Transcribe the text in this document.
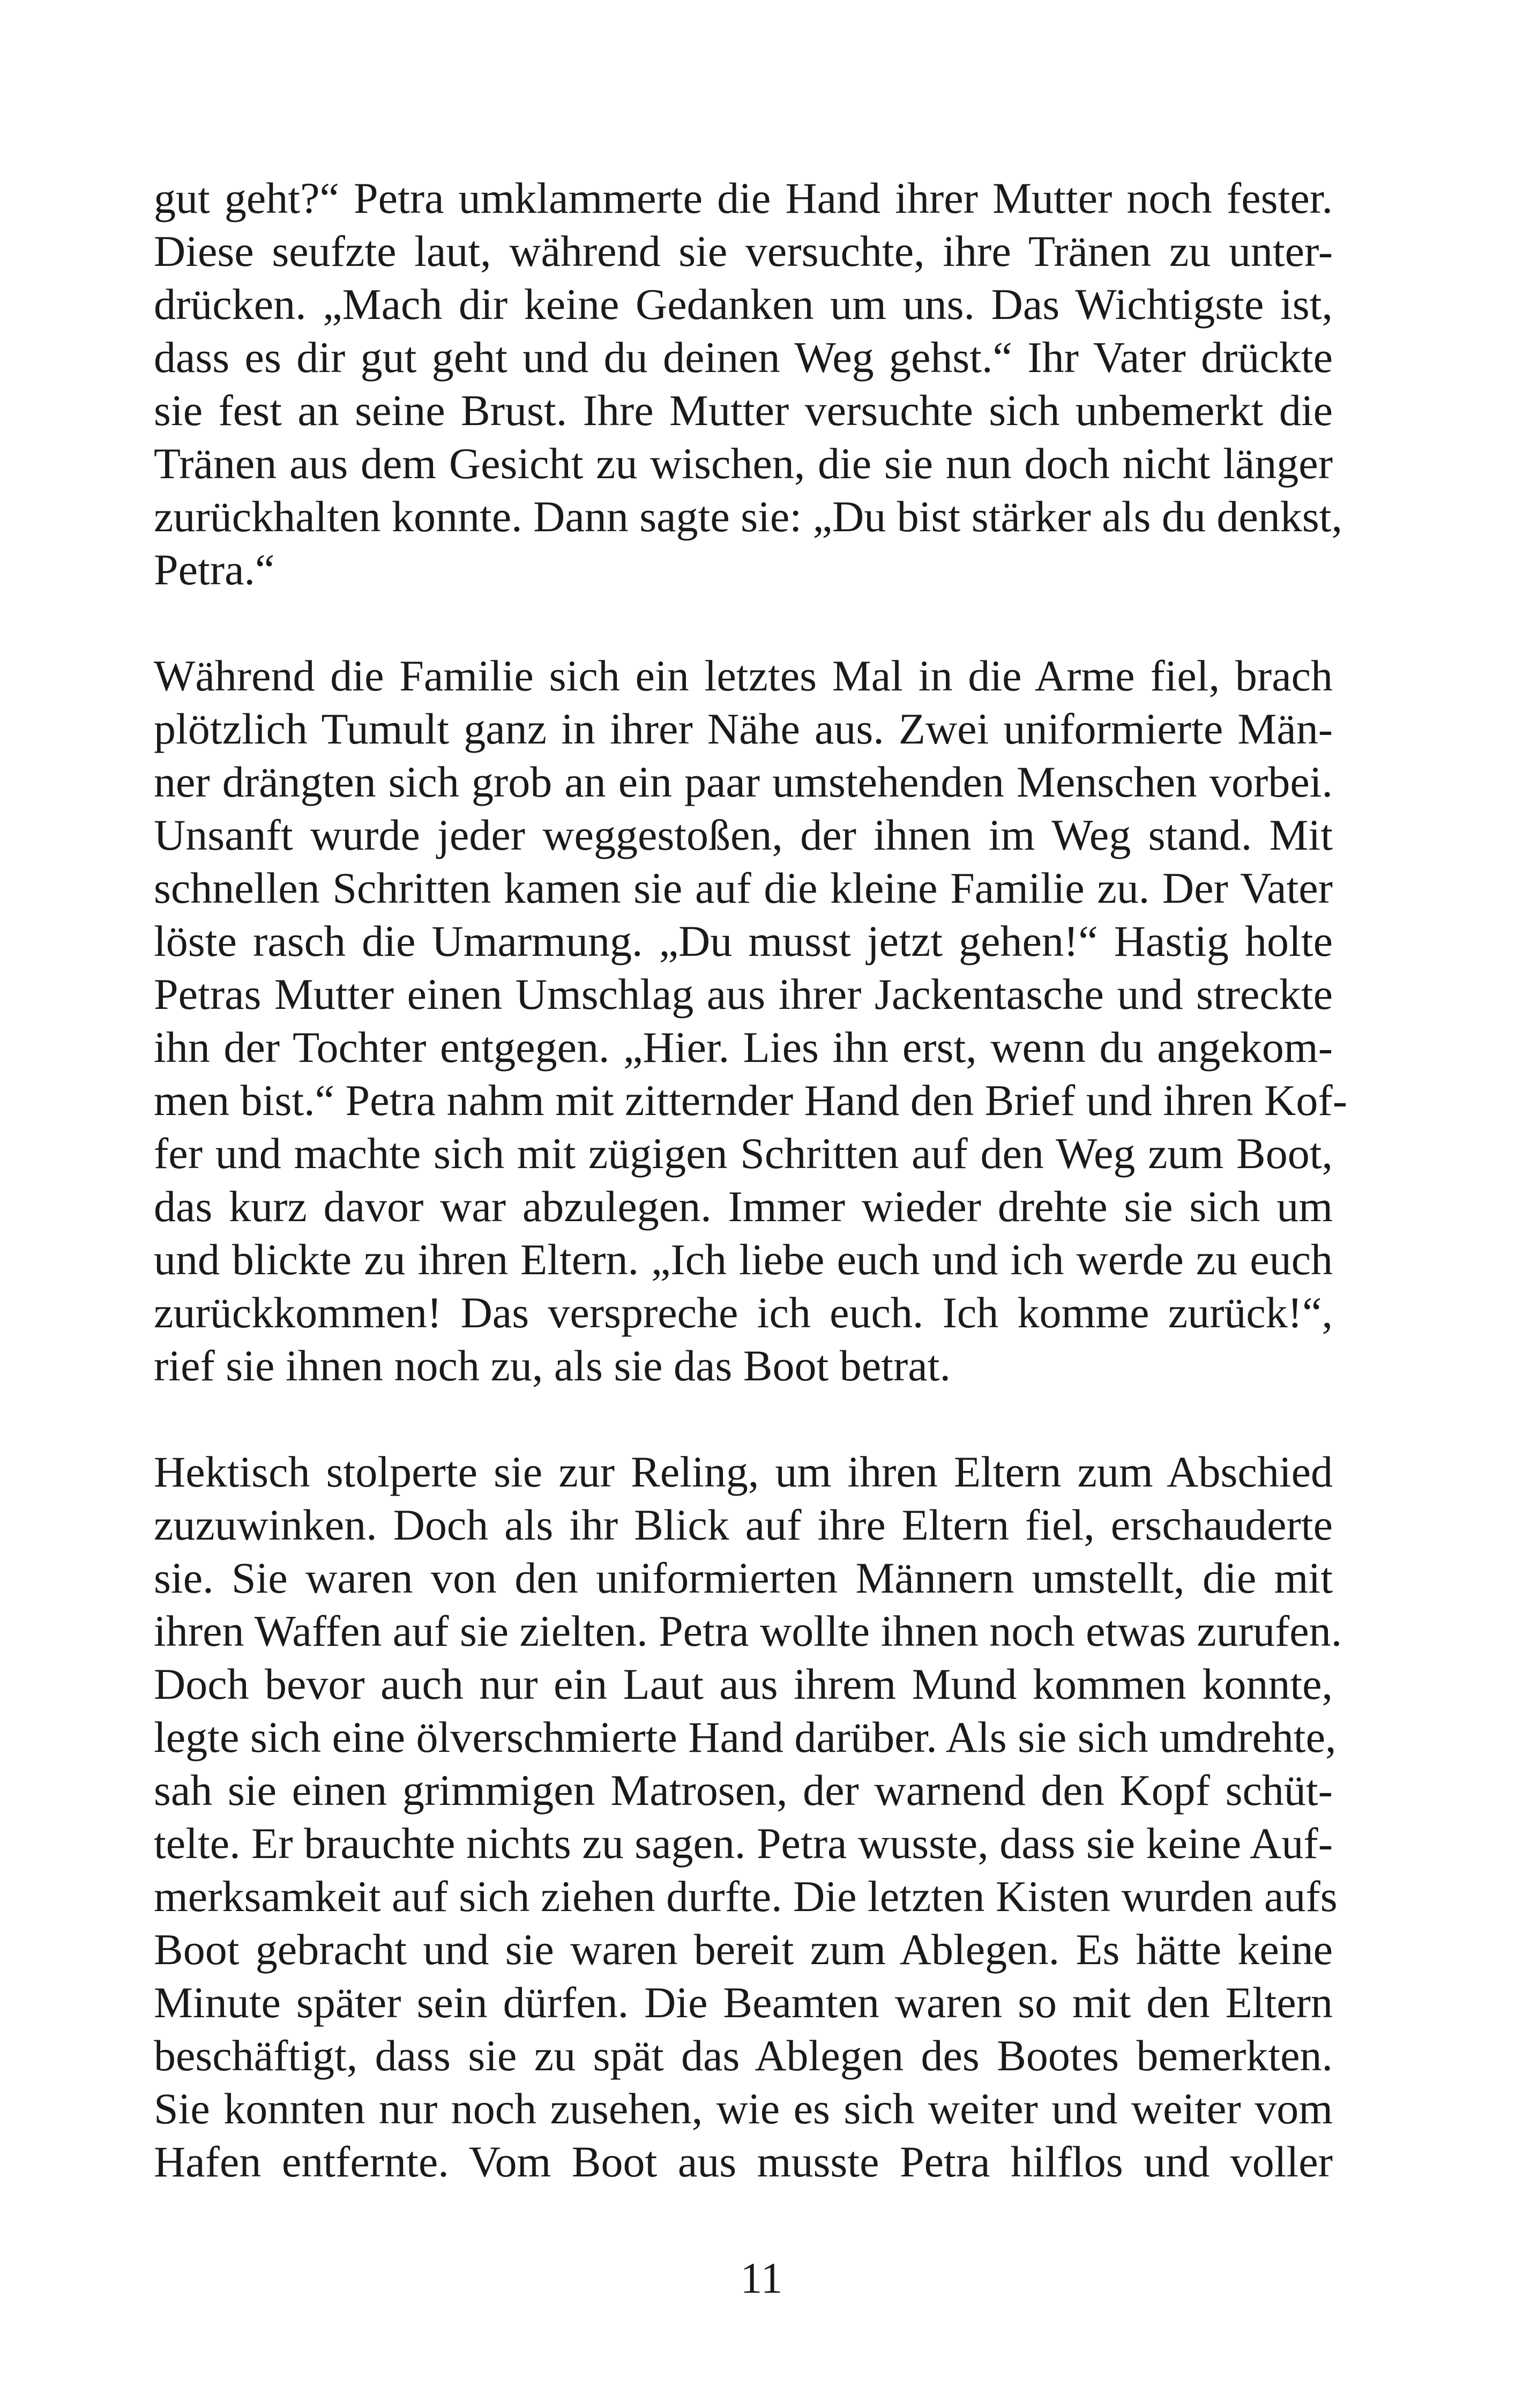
gut geht?“ Petra umklammerte die Hand ihrer Mutter noch fester.
Diese seufzte laut, während sie versuchte, ihre Tränen zu unter-
drücken. „Mach dir keine Gedanken um uns. Das Wichtigste ist,
dass es dir gut geht und du deinen Weg gehst.“ Ihr Vater drückte
sie fest an seine Brust. Ihre Mutter versuchte sich unbemerkt die
Tränen aus dem Gesicht zu wischen, die sie nun doch nicht länger
zurückhalten konnte. Dann sagte sie: „Du bist stärker als du denkst,
Petra.“

Während die Familie sich ein letztes Mal in die Arme fiel, brach
plötzlich Tumult ganz in ihrer Nähe aus. Zwei uniformierte Män-
ner drängten sich grob an ein paar umstehenden Menschen vorbei.
Unsanft wurde jeder weggestoßen, der ihnen im Weg stand. Mit
schnellen Schritten kamen sie auf die kleine Familie zu. Der Vater
löste rasch die Umarmung. „Du musst jetzt gehen!“ Hastig holte
Petras Mutter einen Umschlag aus ihrer Jackentasche und streckte
ihn der Tochter entgegen. „Hier. Lies ihn erst, wenn du angekom-
men bist.“ Petra nahm mit zitternder Hand den Brief und ihren Kof-
fer und machte sich mit zügigen Schritten auf den Weg zum Boot,
das kurz davor war abzulegen. Immer wieder drehte sie sich um
und blickte zu ihren Eltern. „Ich liebe euch und ich werde zu euch
zurückkommen! Das verspreche ich euch. Ich komme zurück!“,
rief sie ihnen noch zu, als sie das Boot betrat.

Hektisch stolperte sie zur Reling, um ihren Eltern zum Abschied
zuzuwinken. Doch als ihr Blick auf ihre Eltern fiel, erschauderte
sie. Sie waren von den uniformierten Männern umstellt, die mit
ihren Waffen auf sie zielten. Petra wollte ihnen noch etwas zurufen.
Doch bevor auch nur ein Laut aus ihrem Mund kommen konnte,
legte sich eine ölverschmierte Hand darüber. Als sie sich umdrehte,
sah sie einen grimmigen Matrosen, der warnend den Kopf schüt-
telte. Er brauchte nichts zu sagen. Petra wusste, dass sie keine Auf-
merksamkeit auf sich ziehen durfte. Die letzten Kisten wurden aufs
Boot gebracht und sie waren bereit zum Ablegen. Es hätte keine
Minute später sein dürfen. Die Beamten waren so mit den Eltern
beschäftigt, dass sie zu spät das Ablegen des Bootes bemerkten.
Sie konnten nur noch zusehen, wie es sich weiter und weiter vom
Hafen entfernte. Vom Boot aus musste Petra hilflos und voller

11
